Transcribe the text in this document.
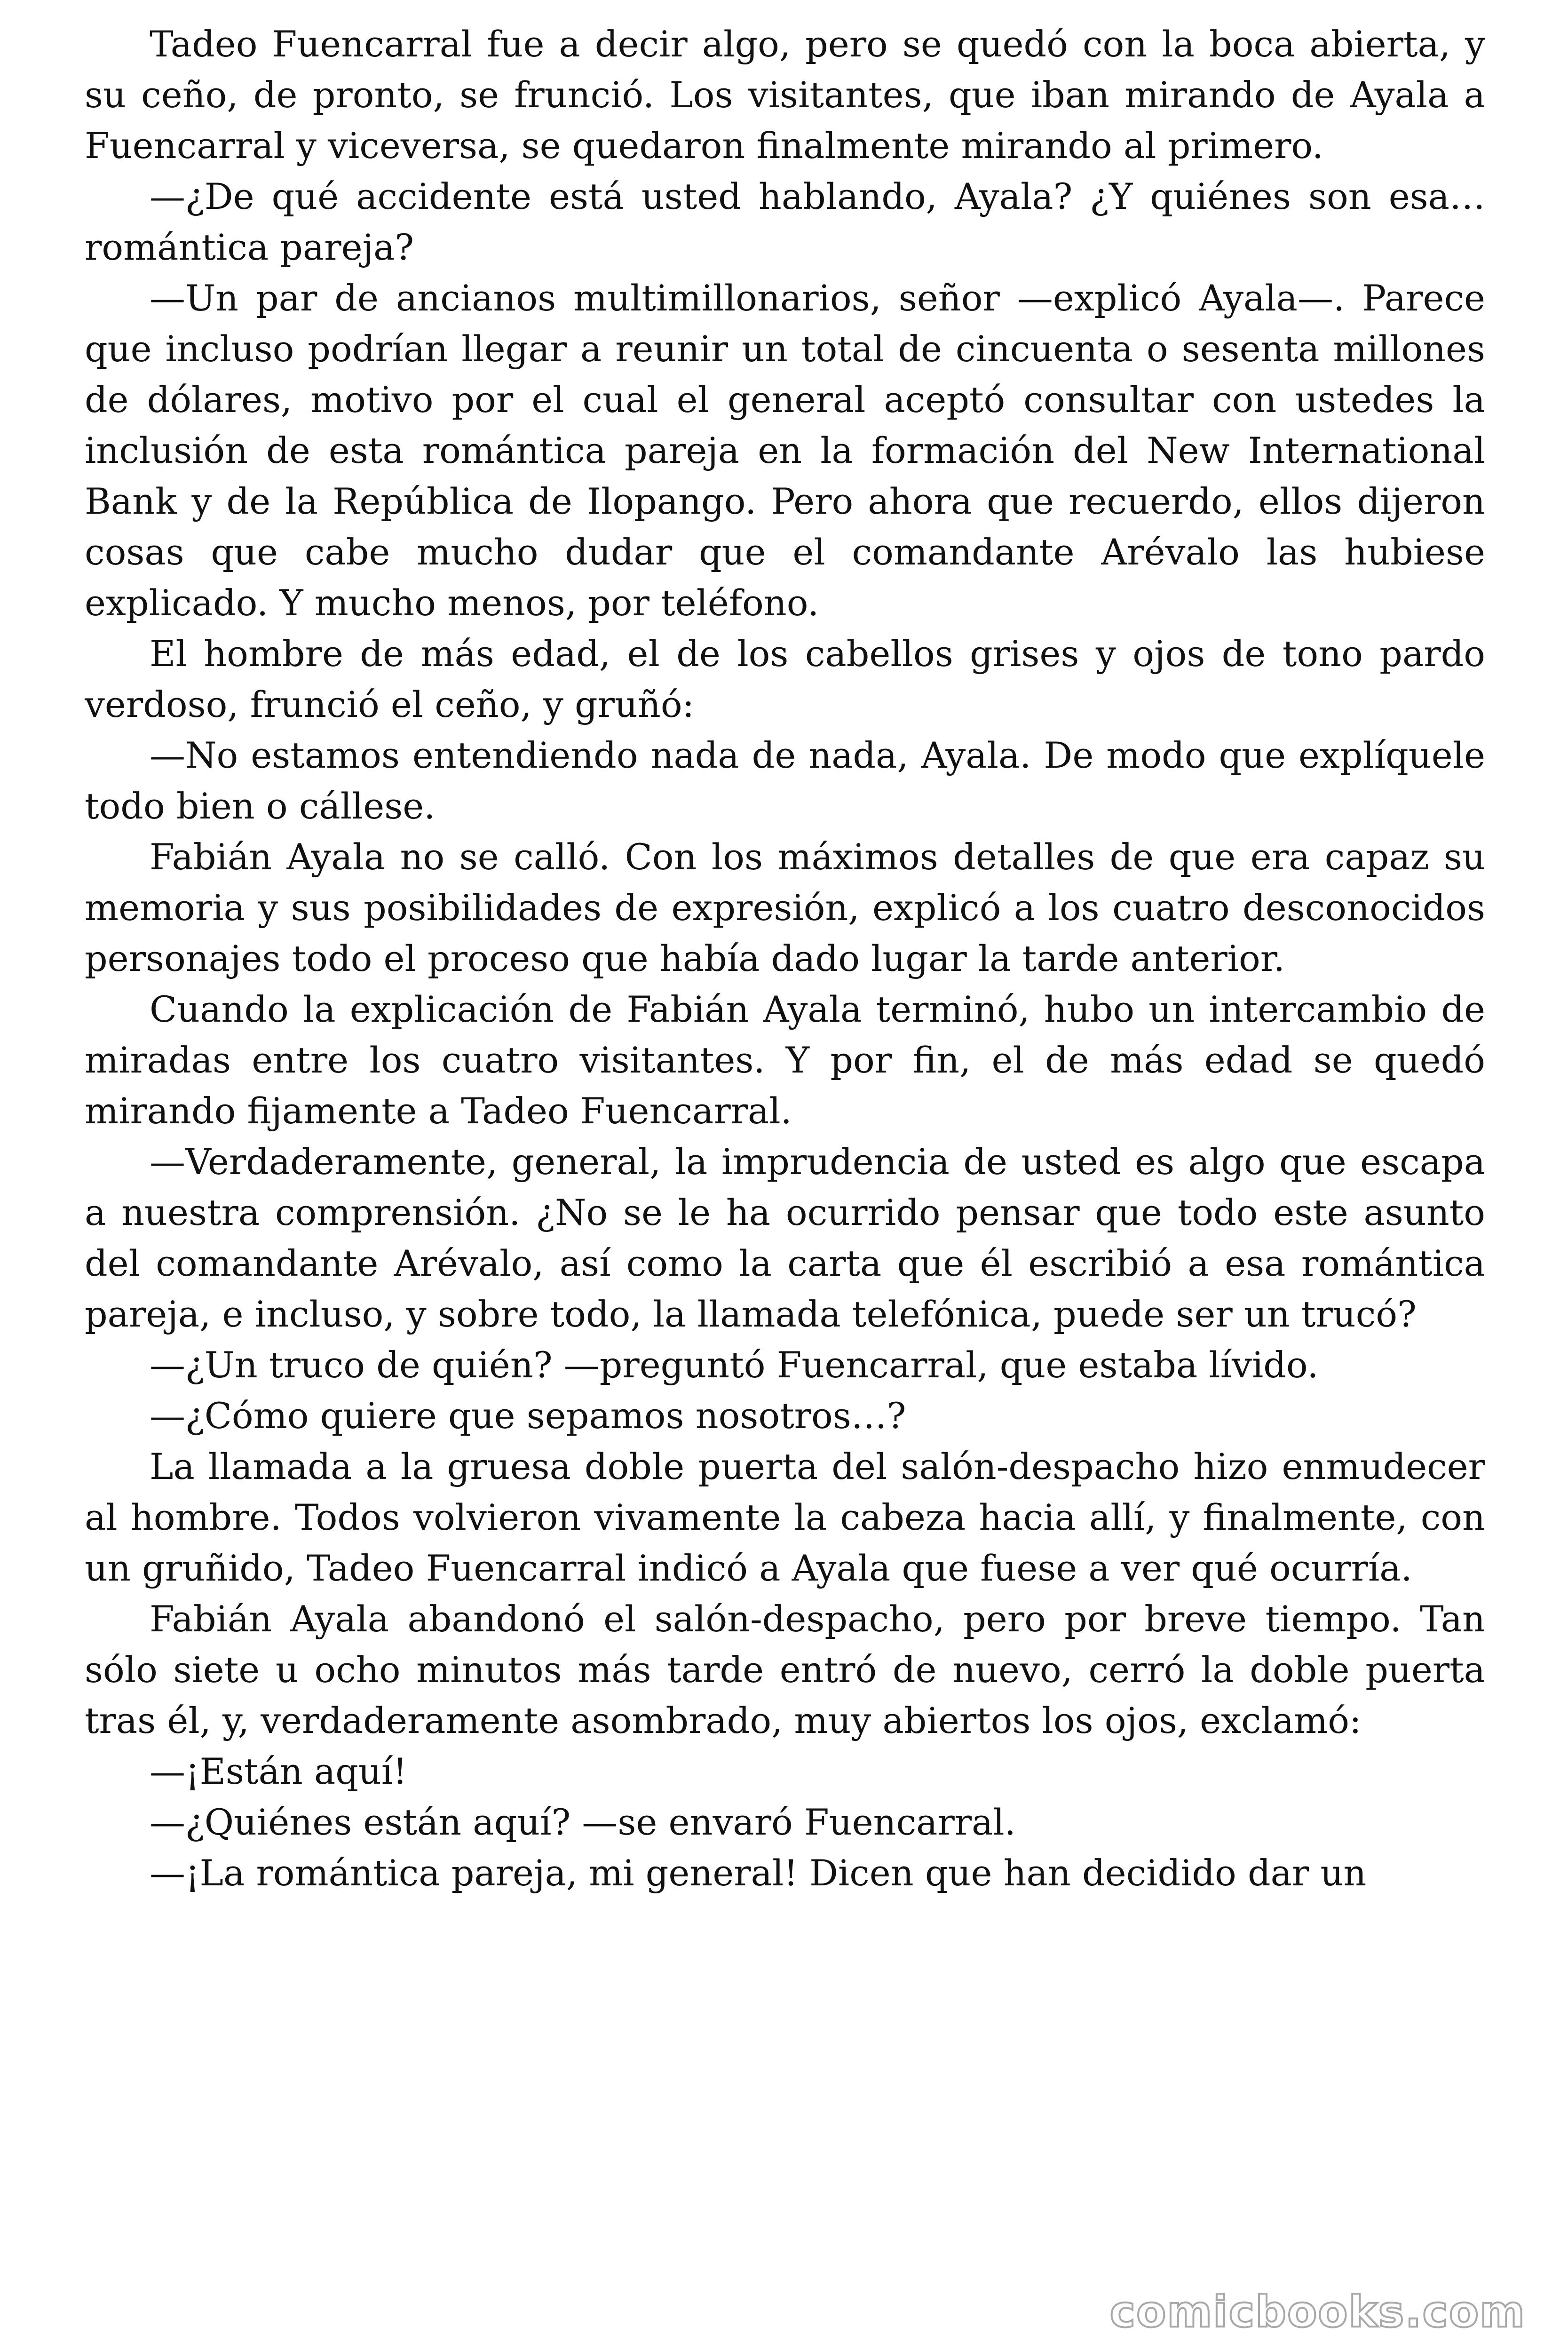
Tadeo Fuencarral fue a decir algo, pero se quedó con la boca abierta, y su ceño, de pronto, se frunció. Los visitantes, que iban mirando de Ayala a Fuencarral y viceversa, se quedaron finalmente mirando al primero.

—¿De qué accidente está usted hablando, Ayala? ¿Y quiénes son esa… romántica pareja?

—Un par de ancianos multimillonarios, señor —explicó Ayala—. Parece que incluso podrían llegar a reunir un total de cincuenta o sesenta millones de dólares, motivo por el cual el general aceptó consultar con ustedes la inclusión de esta romántica pareja en la formación del New International Bank y de la República de Ilopango. Pero ahora que recuerdo, ellos dijeron cosas que cabe mucho dudar que el comandante Arévalo las hubiese explicado. Y mucho menos, por teléfono.

El hombre de más edad, el de los cabellos grises y ojos de tono pardo verdoso, frunció el ceño, y gruñó:

—No estamos entendiendo nada de nada, Ayala. De modo que explíquele todo bien o cállese.

Fabián Ayala no se calló. Con los máximos detalles de que era capaz su memoria y sus posibilidades de expresión, explicó a los cuatro desconocidos personajes todo el proceso que había dado lugar la tarde anterior.

Cuando la explicación de Fabián Ayala terminó, hubo un intercambio de miradas entre los cuatro visitantes. Y por fin, el de más edad se quedó mirando fijamente a Tadeo Fuencarral.

—Verdaderamente, general, la imprudencia de usted es algo que escapa a nuestra comprensión. ¿No se le ha ocurrido pensar que todo este asunto del comandante Arévalo, así como la carta que él escribió a esa romántica pareja, e incluso, y sobre todo, la llamada telefónica, puede ser un trucó?

—¿Un truco de quién? —preguntó Fuencarral, que estaba lívido.

—¿Cómo quiere que sepamos nosotros…?

La llamada a la gruesa doble puerta del salón-despacho hizo enmudecer al hombre. Todos volvieron vivamente la cabeza hacia allí, y finalmente, con un gruñido, Tadeo Fuencarral indicó a Ayala que fuese a ver qué ocurría.

Fabián Ayala abandonó el salón-despacho, pero por breve tiempo. Tan sólo siete u ocho minutos más tarde entró de nuevo, cerró la doble puerta tras él, y, verdaderamente asombrado, muy abiertos los ojos, exclamó:

—¡Están aquí!

—¿Quiénes están aquí? —se envaró Fuencarral.

—¡La romántica pareja, mi general! Dicen que han decidido dar un

comicbooks.com
